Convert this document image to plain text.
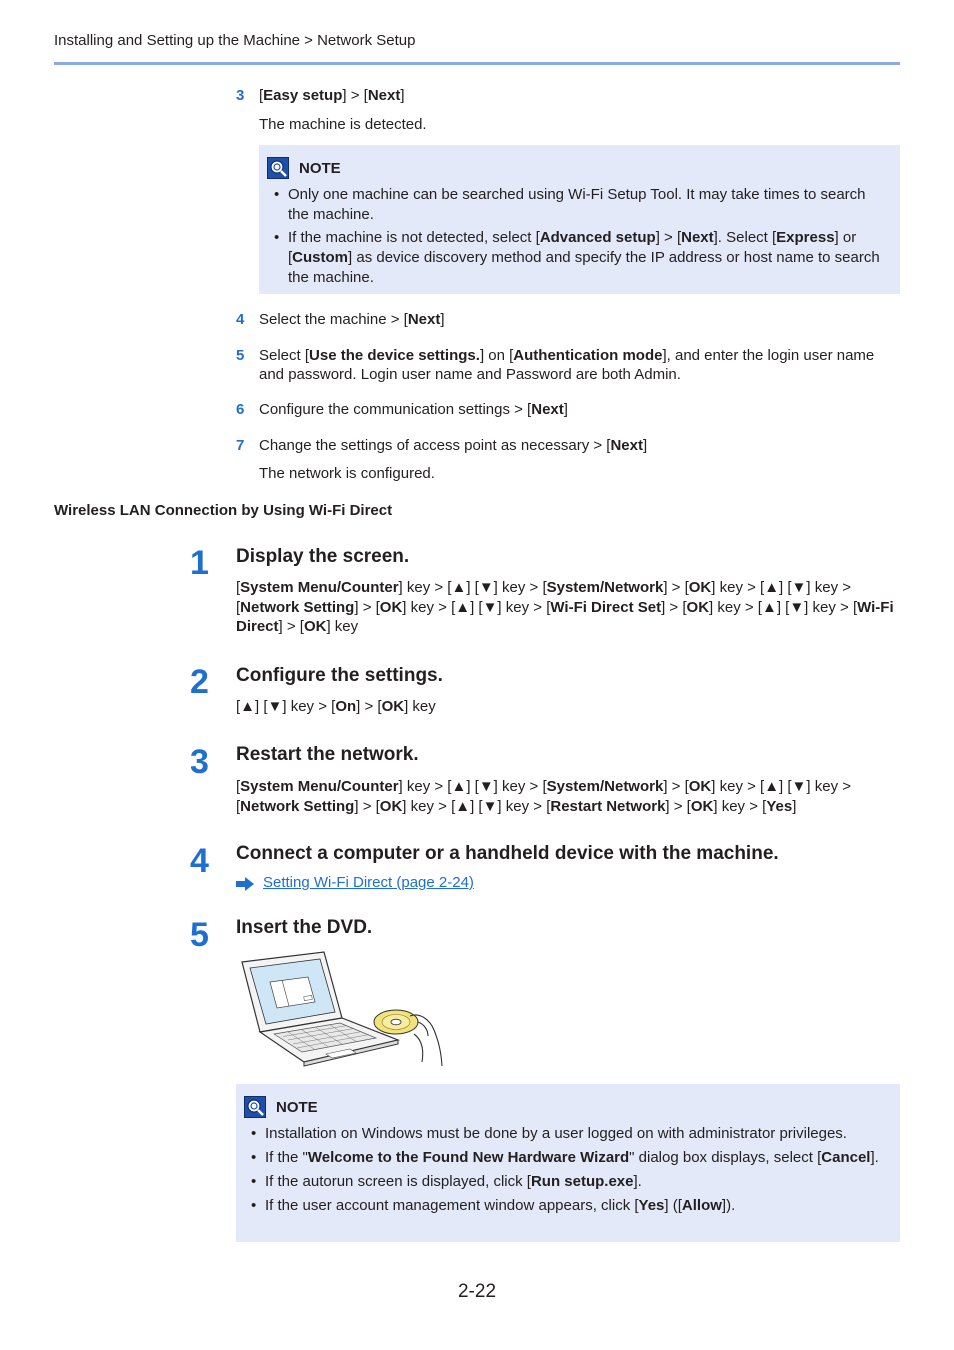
Installing and Setting up the Machine > Network Setup
3 [Easy setup] > [Next]
The machine is detected.
NOTE
• Only one machine can be searched using Wi-Fi Setup Tool. It may take times to search the machine.
• If the machine is not detected, select [Advanced setup] > [Next]. Select [Express] or [Custom] as device discovery method and specify the IP address or host name to search the machine.
4 Select the machine > [Next]
5 Select [Use the device settings.] on [Authentication mode], and enter the login user name and password. Login user name and Password are both Admin.
6 Configure the communication settings > [Next]
7 Change the settings of access point as necessary > [Next]
The network is configured.
Wireless LAN Connection by Using Wi-Fi Direct
1 Display the screen.
[System Menu/Counter] key > [▲] [▼] key > [System/Network] > [OK] key > [▲] [▼] key > [Network Setting] > [OK] key > [▲] [▼] key > [Wi-Fi Direct Set] > [OK] key > [▲] [▼] key > [Wi-Fi Direct] > [OK] key
2 Configure the settings.
[▲] [▼] key > [On] > [OK] key
3 Restart the network.
[System Menu/Counter] key > [▲] [▼] key > [System/Network] > [OK] key > [▲] [▼] key > [Network Setting] > [OK] key > [▲] [▼] key > [Restart Network] > [OK] key > [Yes]
4 Connect a computer or a handheld device with the machine.
Setting Wi-Fi Direct (page 2-24)
5 Insert the DVD.
NOTE
• Installation on Windows must be done by a user logged on with administrator privileges.
• If the "Welcome to the Found New Hardware Wizard" dialog box displays, select [Cancel].
• If the autorun screen is displayed, click [Run setup.exe].
• If the user account management window appears, click [Yes] ([Allow]).
2-22
